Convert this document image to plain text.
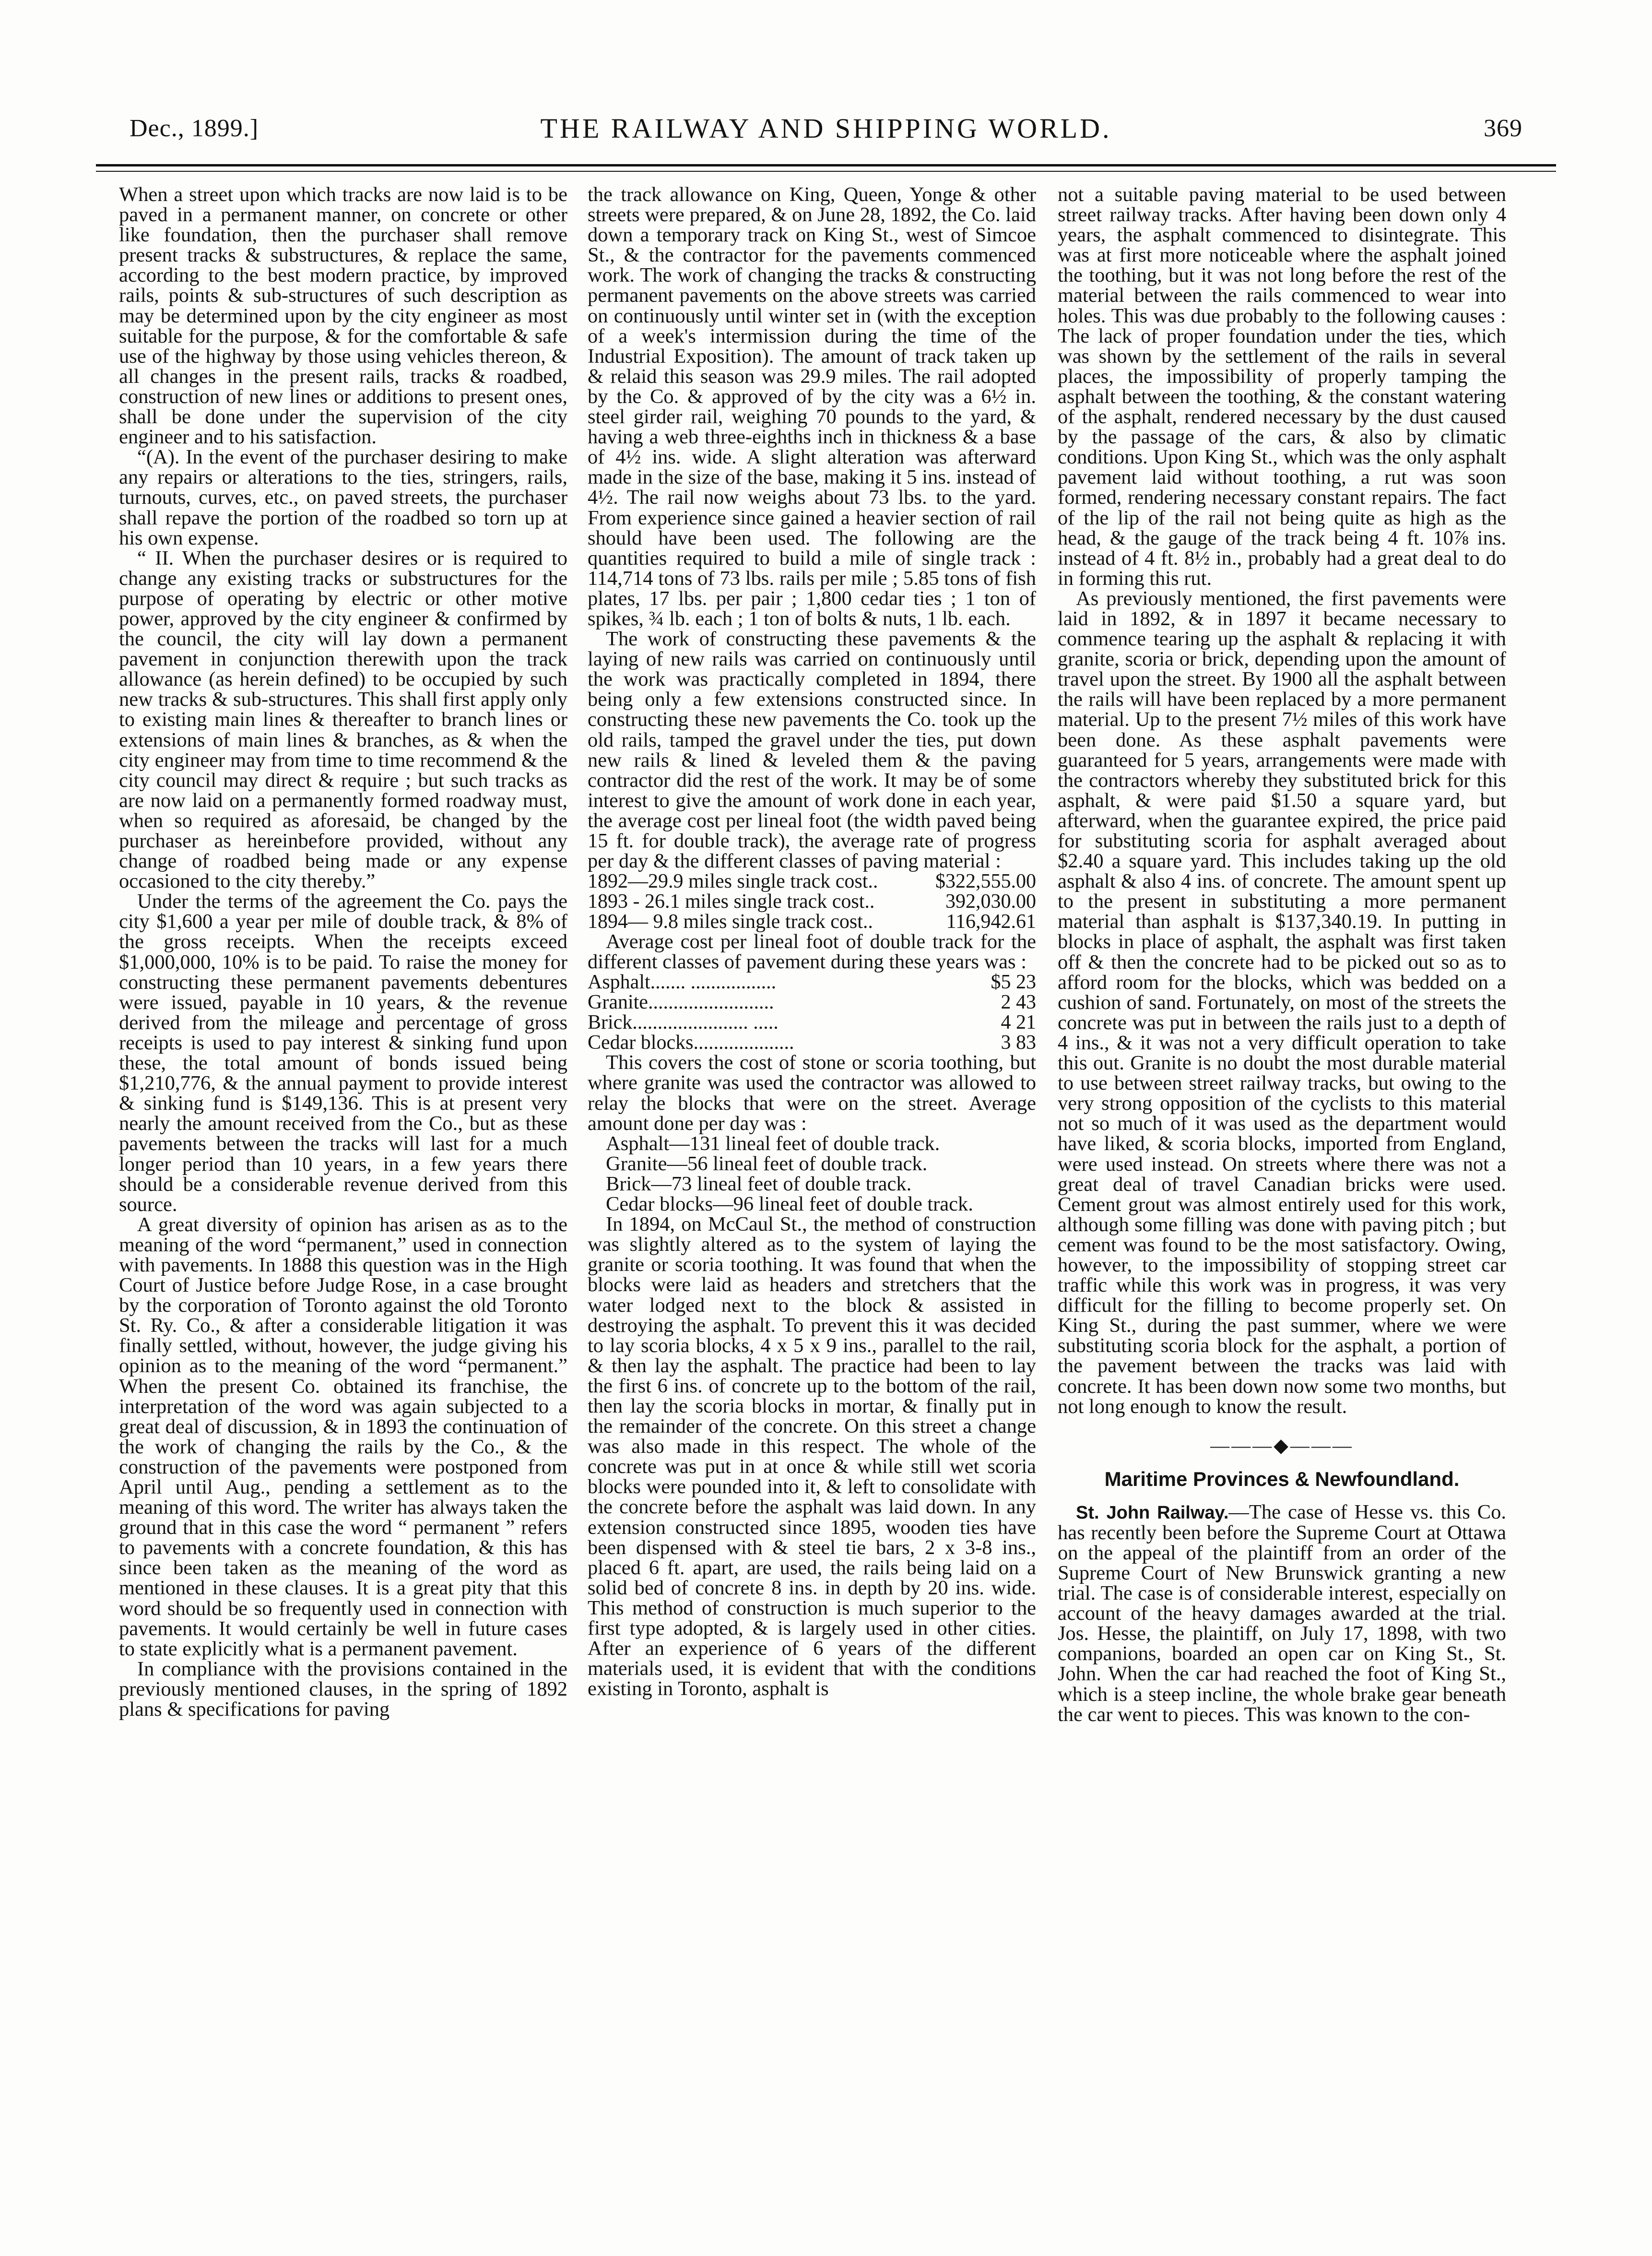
Dec., 1899.]	THE RAILWAY AND SHIPPING WORLD.	369

When a street upon which tracks are now laid is to be paved in a permanent manner, on concrete or other like foundation, then the purchaser shall remove present tracks & substructures, & replace the same, according to the best modern practice, by improved rails, points & sub-structures of such description as may be determined upon by the city engineer as most suitable for the purpose, & for the comfortable & safe use of the highway by those using vehicles thereon, & all changes in the present rails, tracks & roadbed, construction of new lines or additions to present ones, shall be done under the supervision of the city engineer and to his satisfaction.

“(A). In the event of the purchaser desiring to make any repairs or alterations to the ties, stringers, rails, turnouts, curves, etc., on paved streets, the purchaser shall repave the portion of the roadbed so torn up at his own expense.

“ II. When the purchaser desires or is required to change any existing tracks or substructures for the purpose of operating by electric or other motive power, approved by the city engineer & confirmed by the council, the city will lay down a permanent pavement in conjunction therewith upon the track allowance (as herein defined) to be occupied by such new tracks & sub-structures. This shall first apply only to existing main lines & thereafter to branch lines or extensions of main lines & branches, as & when the city engineer may from time to time recommend & the city council may direct & require ; but such tracks as are now laid on a permanently formed roadway must, when so required as aforesaid, be changed by the purchaser as hereinbefore provided, without any change of roadbed being made or any expense occasioned to the city thereby.”

Under the terms of the agreement the Co. pays the city $1,600 a year per mile of double track, & 8% of the gross receipts. When the receipts exceed $1,000,000, 10% is to be paid. To raise the money for constructing these permanent pavements debentures were issued, payable in 10 years, & the revenue derived from the mileage and percentage of gross receipts is used to pay interest & sinking fund upon these, the total amount of bonds issued being $1,210,776, & the annual payment to provide interest & sinking fund is $149,136. This is at present very nearly the amount received from the Co., but as these pavements between the tracks will last for a much longer period than 10 years, in a few years there should be a considerable revenue derived from this source.

A great diversity of opinion has arisen as as to the meaning of the word “permanent,” used in connection with pavements. In 1888 this question was in the High Court of Justice before Judge Rose, in a case brought by the corporation of Toronto against the old Toronto St. Ry. Co., & after a considerable litigation it was finally settled, without, however, the judge giving his opinion as to the meaning of the word “permanent.” When the present Co. obtained its franchise, the interpretation of the word was again subjected to a great deal of discussion, & in 1893 the continuation of the work of changing the rails by the Co., & the construction of the pavements were postponed from April until Aug., pending a settlement as to the meaning of this word. The writer has always taken the ground that in this case the word “ permanent ” refers to pavements with a concrete foundation, & this has since been taken as the meaning of the word as mentioned in these clauses. It is a great pity that this word should be so frequently used in connection with pavements. It would certainly be well in future cases to state explicitly what is a permanent pavement.

In compliance with the provisions contained in the previously mentioned clauses, in the spring of 1892 plans & specifications for paving

the track allowance on King, Queen, Yonge & other streets were prepared, & on June 28, 1892, the Co. laid down a temporary track on King St., west of Simcoe St., & the contractor for the pavements commenced work. The work of changing the tracks & constructing permanent pavements on the above streets was carried on continuously until winter set in (with the exception of a week's intermission during the time of the Industrial Exposition). The amount of track taken up & relaid this season was 29.9 miles. The rail adopted by the Co. & approved of by the city was a 6½ in. steel girder rail, weighing 70 pounds to the yard, & having a web three-eighths inch in thickness & a base of 4½ ins. wide. A slight alteration was afterward made in the size of the base, making it 5 ins. instead of 4½. The rail now weighs about 73 lbs. to the yard. From experience since gained a heavier section of rail should have been used. The following are the quantities required to build a mile of single track : 114,714 tons of 73 lbs. rails per mile ; 5.85 tons of fish plates, 17 lbs. per pair ; 1,800 cedar ties ; 1 ton of spikes, ¾ lb. each ; 1 ton of bolts & nuts, 1 lb. each.

The work of constructing these pavements & the laying of new rails was carried on continuously until the work was practically completed in 1894, there being only a few extensions constructed since. In constructing these new pavements the Co. took up the old rails, tamped the gravel under the ties, put down new rails & lined & leveled them & the paving contractor did the rest of the work. It may be of some interest to give the amount of work done in each year, the average cost per lineal foot (the width paved being 15 ft. for double track), the average rate of progress per day & the different classes of paving material :

1892—29.9 miles single track cost..	$322,555.00
1893 - 26.1 miles single track cost..	392,030.00
1894— 9.8 miles single track cost..	116,942.61

Average cost per lineal foot of double track for the different classes of pavement during these years was :

Asphalt....... .................	$5 23
Granite.........................	2 43
Brick....................... .....	4 21
Cedar blocks....................	3 83

This covers the cost of stone or scoria toothing, but where granite was used the contractor was allowed to relay the blocks that were on the street. Average amount done per day was :

Asphalt—131 lineal feet of double track.

Granite—56 lineal feet of double track.

Brick—73 lineal feet of double track.

Cedar blocks—96 lineal feet of double track.

In 1894, on McCaul St., the method of construction was slightly altered as to the system of laying the granite or scoria toothing. It was found that when the blocks were laid as headers and stretchers that the water lodged next to the block & assisted in destroying the asphalt. To prevent this it was decided to lay scoria blocks, 4 x 5 x 9 ins., parallel to the rail, & then lay the asphalt. The practice had been to lay the first 6 ins. of concrete up to the bottom of the rail, then lay the scoria blocks in mortar, & finally put in the remainder of the concrete. On this street a change was also made in this respect. The whole of the concrete was put in at once & while still wet scoria blocks were pounded into it, & left to consolidate with the concrete before the asphalt was laid down. In any extension constructed since 1895, wooden ties have been dispensed with & steel tie bars, 2 x 3-8 ins., placed 6 ft. apart, are used, the rails being laid on a solid bed of concrete 8 ins. in depth by 20 ins. wide. This method of construction is much superior to the first type adopted, & is largely used in other cities. After an experience of 6 years of the different materials used, it is evident that with the conditions existing in Toronto, asphalt is

not a suitable paving material to be used between street railway tracks. After having been down only 4 years, the asphalt commenced to disintegrate. This was at first more noticeable where the asphalt joined the toothing, but it was not long before the rest of the material between the rails commenced to wear into holes. This was due probably to the following causes : The lack of proper foundation under the ties, which was shown by the settlement of the rails in several places, the impossibility of properly tamping the asphalt between the toothing, & the constant watering of the asphalt, rendered necessary by the dust caused by the passage of the cars, & also by climatic conditions. Upon King St., which was the only asphalt pavement laid without toothing, a rut was soon formed, rendering necessary constant repairs. The fact of the lip of the rail not being quite as high as the head, & the gauge of the track being 4 ft. 10⅞ ins. instead of 4 ft. 8½ in., probably had a great deal to do in forming this rut.

As previously mentioned, the first pavements were laid in 1892, & in 1897 it became necessary to commence tearing up the asphalt & replacing it with granite, scoria or brick, depending upon the amount of travel upon the street. By 1900 all the asphalt between the rails will have been replaced by a more permanent material. Up to the present 7½ miles of this work have been done. As these asphalt pavements were guaranteed for 5 years, arrangements were made with the contractors whereby they substituted brick for this asphalt, & were paid $1.50 a square yard, but afterward, when the guarantee expired, the price paid for substituting scoria for asphalt averaged about $2.40 a square yard. This includes taking up the old asphalt & also 4 ins. of concrete. The amount spent up to the present in substituting a more permanent material than asphalt is $137,340.19. In putting in blocks in place of asphalt, the asphalt was first taken off & then the concrete had to be picked out so as to afford room for the blocks, which was bedded on a cushion of sand. Fortunately, on most of the streets the concrete was put in between the rails just to a depth of 4 ins., & it was not a very difficult operation to take this out. Granite is no doubt the most durable material to use between street railway tracks, but owing to the very strong opposition of the cyclists to this material not so much of it was used as the department would have liked, & scoria blocks, imported from England, were used instead. On streets where there was not a great deal of travel Canadian bricks were used. Cement grout was almost entirely used for this work, although some filling was done with paving pitch ; but cement was found to be the most satisfactory. Owing, however, to the impossibility of stopping street car traffic while this work was in progress, it was very difficult for the filling to become properly set. On King St., during the past summer, where we were substituting scoria block for the asphalt, a portion of the pavement between the tracks was laid with concrete. It has been down now some two months, but not long enough to know the result.

———◆———
Maritime Provinces & Newfoundland.

St. John Railway.—The case of Hesse vs. this Co. has recently been before the Supreme Court at Ottawa on the appeal of the plaintiff from an order of the Supreme Court of New Brunswick granting a new trial. The case is of considerable interest, especially on account of the heavy damages awarded at the trial. Jos. Hesse, the plaintiff, on July 17, 1898, with two companions, boarded an open car on King St., St. John. When the car had reached the foot of King St., which is a steep incline, the whole brake gear beneath the car went to pieces. This was known to the con-
